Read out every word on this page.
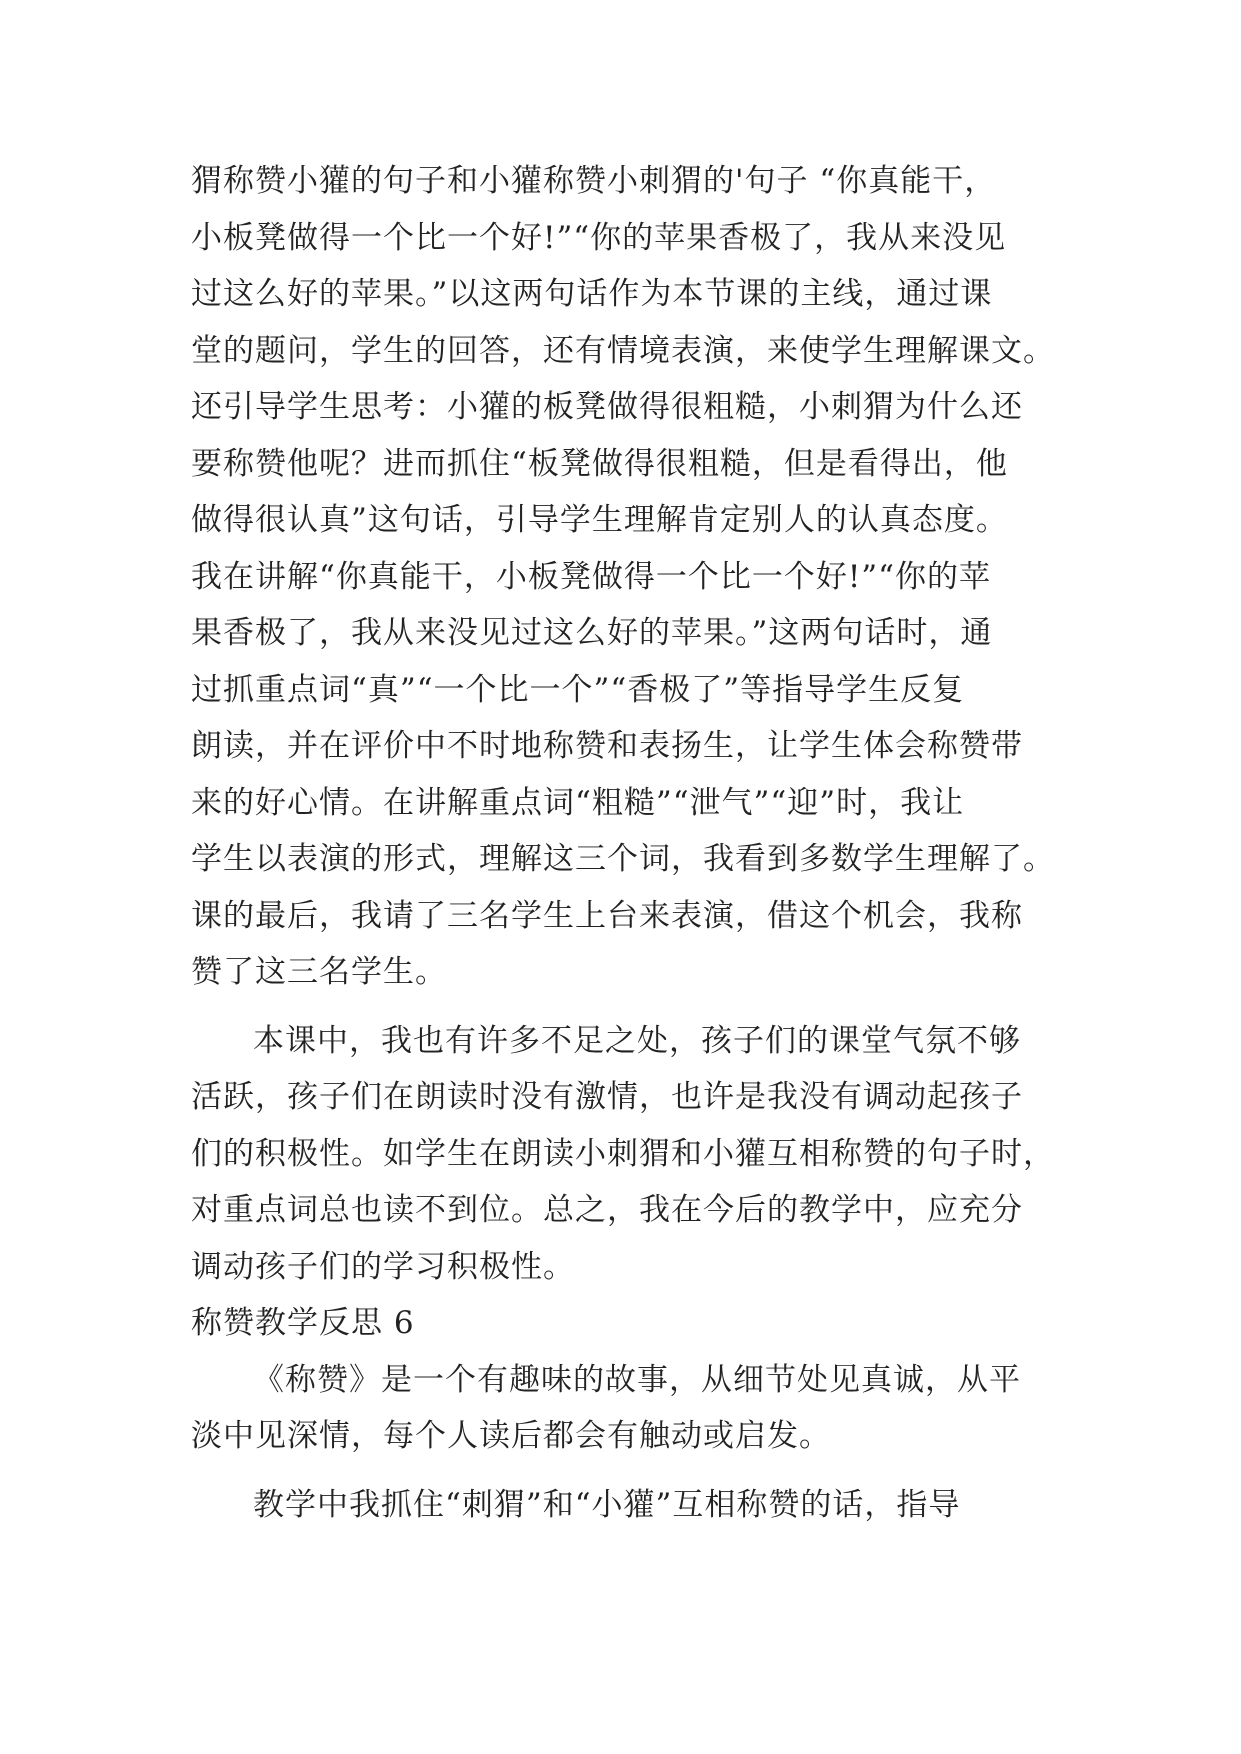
猬称赞小獾的句子和小獾称赞小刺猬的'句子 “你真能干，
小板凳做得一个比一个好!”“你的苹果香极了，我从来没见
过这么好的苹果。”以这两句话作为本节课的主线，通过课
堂的题问，学生的回答，还有情境表演，来使学生理解课文。
还引导学生思考：小獾的板凳做得很粗糙，小刺猬为什么还
要称赞他呢？进而抓住“板凳做得很粗糙，但是看得出，他
做得很认真”这句话，引导学生理解肯定别人的认真态度。
我在讲解“你真能干，小板凳做得一个比一个好!”“你的苹
果香极了，我从来没见过这么好的苹果。”这两句话时，通
过抓重点词“真”“一个比一个”“香极了”等指导学生反复
朗读，并在评价中不时地称赞和表扬生，让学生体会称赞带
来的好心情。在讲解重点词“粗糙”“泄气”“迎”时，我让
学生以表演的形式，理解这三个词，我看到多数学生理解了。
课的最后，我请了三名学生上台来表演，借这个机会，我称
赞了这三名学生。
本课中，我也有许多不足之处，孩子们的课堂气氛不够
活跃，孩子们在朗读时没有激情，也许是我没有调动起孩子
们的积极性。如学生在朗读小刺猬和小獾互相称赞的句子时，
对重点词总也读不到位。总之，我在今后的教学中，应充分
调动孩子们的学习积极性。
称赞教学反思 6
《称赞》是一个有趣味的故事，从细节处见真诚，从平
淡中见深情，每个人读后都会有触动或启发。
教学中我抓住“刺猬”和“小獾”互相称赞的话，指导
